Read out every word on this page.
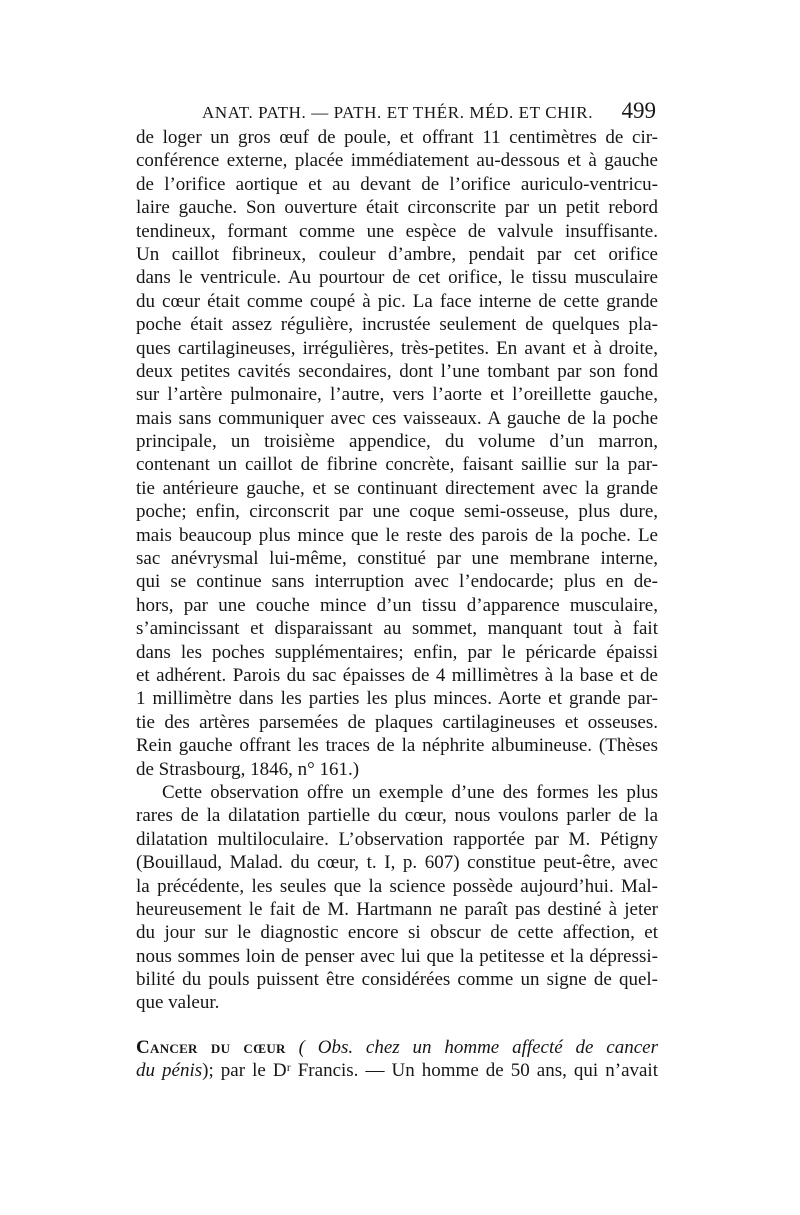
ANAT. PATH. — PATH. ET THÉR. MÉD. ET CHIR. 499
de loger un gros œuf de poule, et offrant 11 centimètres de cir-
conférence externe, placée immédiatement au-dessous et à gauche
de l’orifice aortique et au devant de l’orifice auriculo-ventricu-
laire gauche. Son ouverture était circonscrite par un petit rebord
tendineux, formant comme une espèce de valvule insuffisante.
Un caillot fibrineux, couleur d’ambre, pendait par cet orifice
dans le ventricule. Au pourtour de cet orifice, le tissu musculaire
du cœur était comme coupé à pic. La face interne de cette grande
poche était assez régulière, incrustée seulement de quelques pla-
ques cartilagineuses, irrégulières, très-petites. En avant et à droite,
deux petites cavités secondaires, dont l’une tombant par son fond
sur l’artère pulmonaire, l’autre, vers l’aorte et l’oreillette gauche,
mais sans communiquer avec ces vaisseaux. A gauche de la poche
principale, un troisième appendice, du volume d’un marron,
contenant un caillot de fibrine concrète, faisant saillie sur la par-
tie antérieure gauche, et se continuant directement avec la grande
poche; enfin, circonscrit par une coque semi-osseuse, plus dure,
mais beaucoup plus mince que le reste des parois de la poche. Le
sac anévrysmal lui-même, constitué par une membrane interne,
qui se continue sans interruption avec l’endocarde; plus en de-
hors, par une couche mince d’un tissu d’apparence musculaire,
s’amincissant et disparaissant au sommet, manquant tout à fait
dans les poches supplémentaires; enfin, par le péricarde épaissi
et adhérent. Parois du sac épaisses de 4 millimètres à la base et de
1 millimètre dans les parties les plus minces. Aorte et grande par-
tie des artères parsemées de plaques cartilagineuses et osseuses.
Rein gauche offrant les traces de la néphrite albumineuse. (Thèses
de Strasbourg, 1846, n° 161.)
Cette observation offre un exemple d’une des formes les plus
rares de la dilatation partielle du cœur, nous voulons parler de la
dilatation multiloculaire. L’observation rapportée par M. Pétigny
(Bouillaud, Malad. du cœur, t. I, p. 607) constitue peut-être, avec
la précédente, les seules que la science possède aujourd’hui. Mal-
heureusement le fait de M. Hartmann ne paraît pas destiné à jeter
du jour sur le diagnostic encore si obscur de cette affection, et
nous sommes loin de penser avec lui que la petitesse et la dépressi-
bilité du pouls puissent être considérées comme un signe de quel-
que valeur.
Cancer du cœur ( Obs. chez un homme affecté de cancer
du pénis); par le Dʳ Francis. — Un homme de 50 ans, qui n’avait
